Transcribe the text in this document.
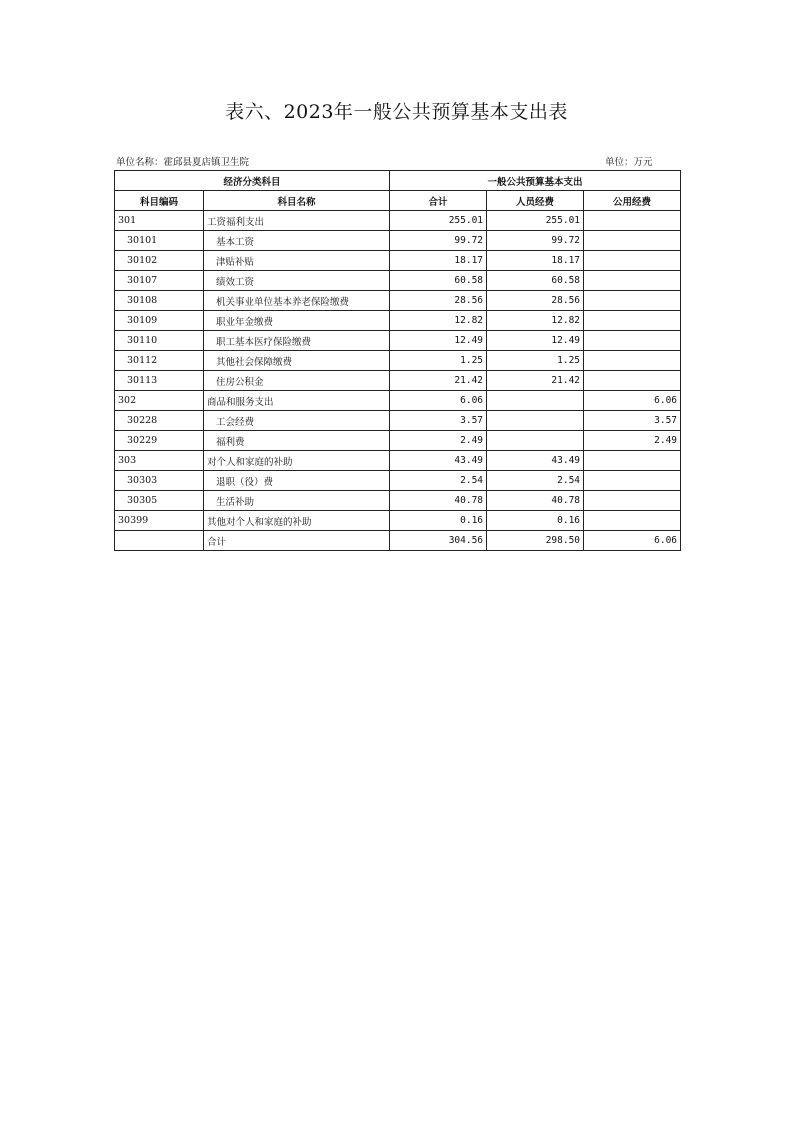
表六、2023年一般公共预算基本支出表
单位名称：霍邱县夏店镇卫生院	单位：万元
经济分类科目		一般公共预算基本支出		
科目编码	科目名称	合计	人员经费	公用经费
301	工资福利支出	255.01	255.01	
30101	基本工资	99.72	99.72	
30102	津贴补贴	18.17	18.17	
30107	绩效工资	60.58	60.58	
30108	机关事业单位基本养老保险缴费	28.56	28.56	
30109	职业年金缴费	12.82	12.82	
30110	职工基本医疗保险缴费	12.49	12.49	
30112	其他社会保障缴费	1.25	1.25	
30113	住房公积金	21.42	21.42	
302	商品和服务支出	6.06		6.06
30228	工会经费	3.57		3.57
30229	福利费	2.49		2.49
303	对个人和家庭的补助	43.49	43.49	
30303	退职（役）费	2.54	2.54	
30305	生活补助	40.78	40.78	
30399	其他对个人和家庭的补助	0.16	0.16	
	合计	304.56	298.50	6.06
